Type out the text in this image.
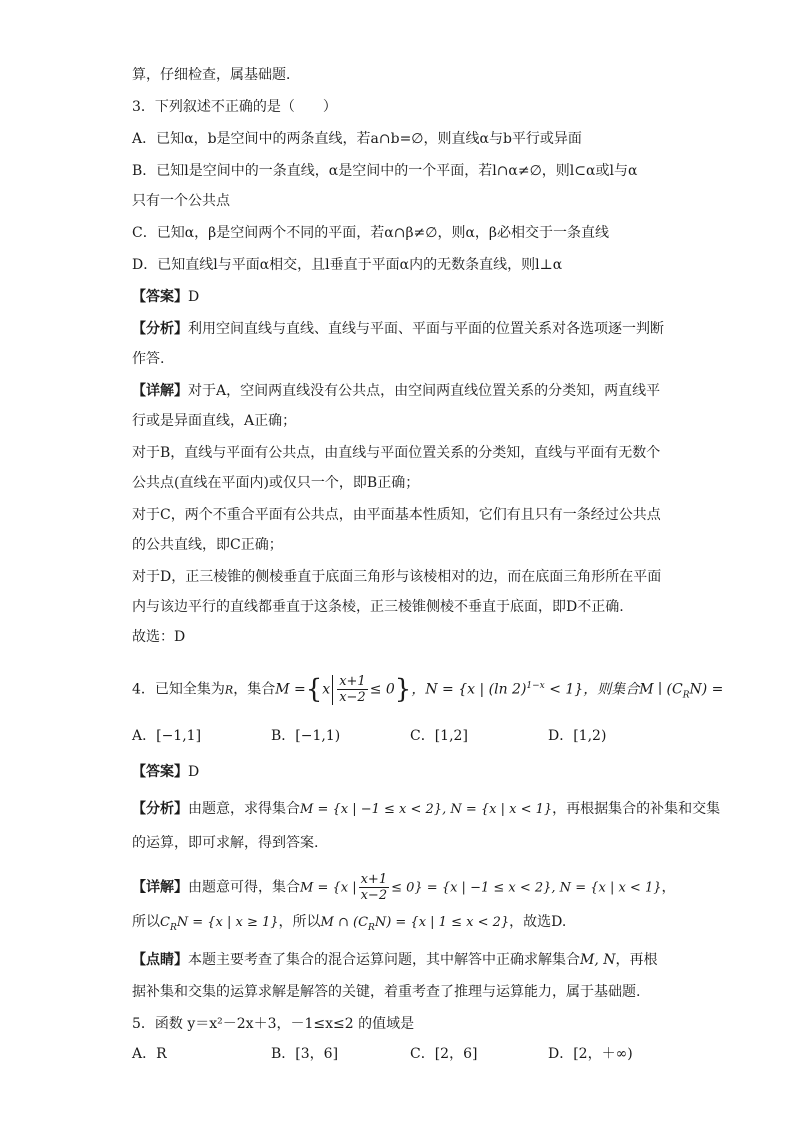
算，仔细检查，属基础题．
3．下列叙述不正确的是（　　）
A．已知α，b是空间中的两条直线，若a∩b=∅，则直线α与b平行或异面
B．已知l是空间中的一条直线，α是空间中的一个平面，若l∩α≠∅，则l⊂α或l与α
只有一个公共点
C．已知α，β是空间两个不同的平面，若α∩β≠∅，则α，β必相交于一条直线
D．已知直线l与平面α相交，且l垂直于平面α内的无数条直线，则l⊥α
【答案】D
【分析】利用空间直线与直线、直线与平面、平面与平面的位置关系对各选项逐一判断
作答.
【详解】对于A，空间两直线没有公共点，由空间两直线位置关系的分类知，两直线平
行或是异面直线，A正确；
对于B，直线与平面有公共点，由直线与平面位置关系的分类知，直线与平面有无数个
公共点(直线在平面内)或仅只一个，即B正确；
对于C，两个不重合平面有公共点，由平面基本性质知，它们有且只有一条经过公共点
的公共直线，即C正确；
对于D，正三棱锥的侧棱垂直于底面三角形与该棱相对的边，而在底面三角形所在平面
内与该边平行的直线都垂直于这条棱，正三棱锥侧棱不垂直于底面，即D不正确.
故选：D
4．已知全集为R，集合$M =\{x \frac{x+1}{x-2} \le 0\}$，N = {x | (ln 2)$^{1-x}$ < 1}，则集合M ∣ $(C_RN)$ =
A．[−1,1]	B．[−1,1)	C．[1,2]	D．[1,2)
【答案】D
【分析】由题意，求得集合M = {x | −1 ≤ x < 2}, N = {x | x < 1}，再根据集合的补集和交集
的运算，即可求解，得到答案.
【详解】由题意可得，集合M = {x | $\frac{x+1}{x-2} \le 0\} = \{x$ | −1 ≤ x < 2}, N = {x | x < 1}，
所以$C_RN = \{x$ | x ≥ 1}，所以M ∩ $(C_RN) = \{x$ | 1 ≤ x < 2}，故选D.
【点睛】本题主要考查了集合的混合运算问题，其中解答中正确求解集合M, N，再根
据补集和交集的运算求解是解答的关键，着重考查了推理与运算能力，属于基础题.
5．函数 y＝x²－2x＋3，－1≤x≤2 的值域是
A．R	B．[3，6]	C．[2，6]	D．[2，＋∞)
